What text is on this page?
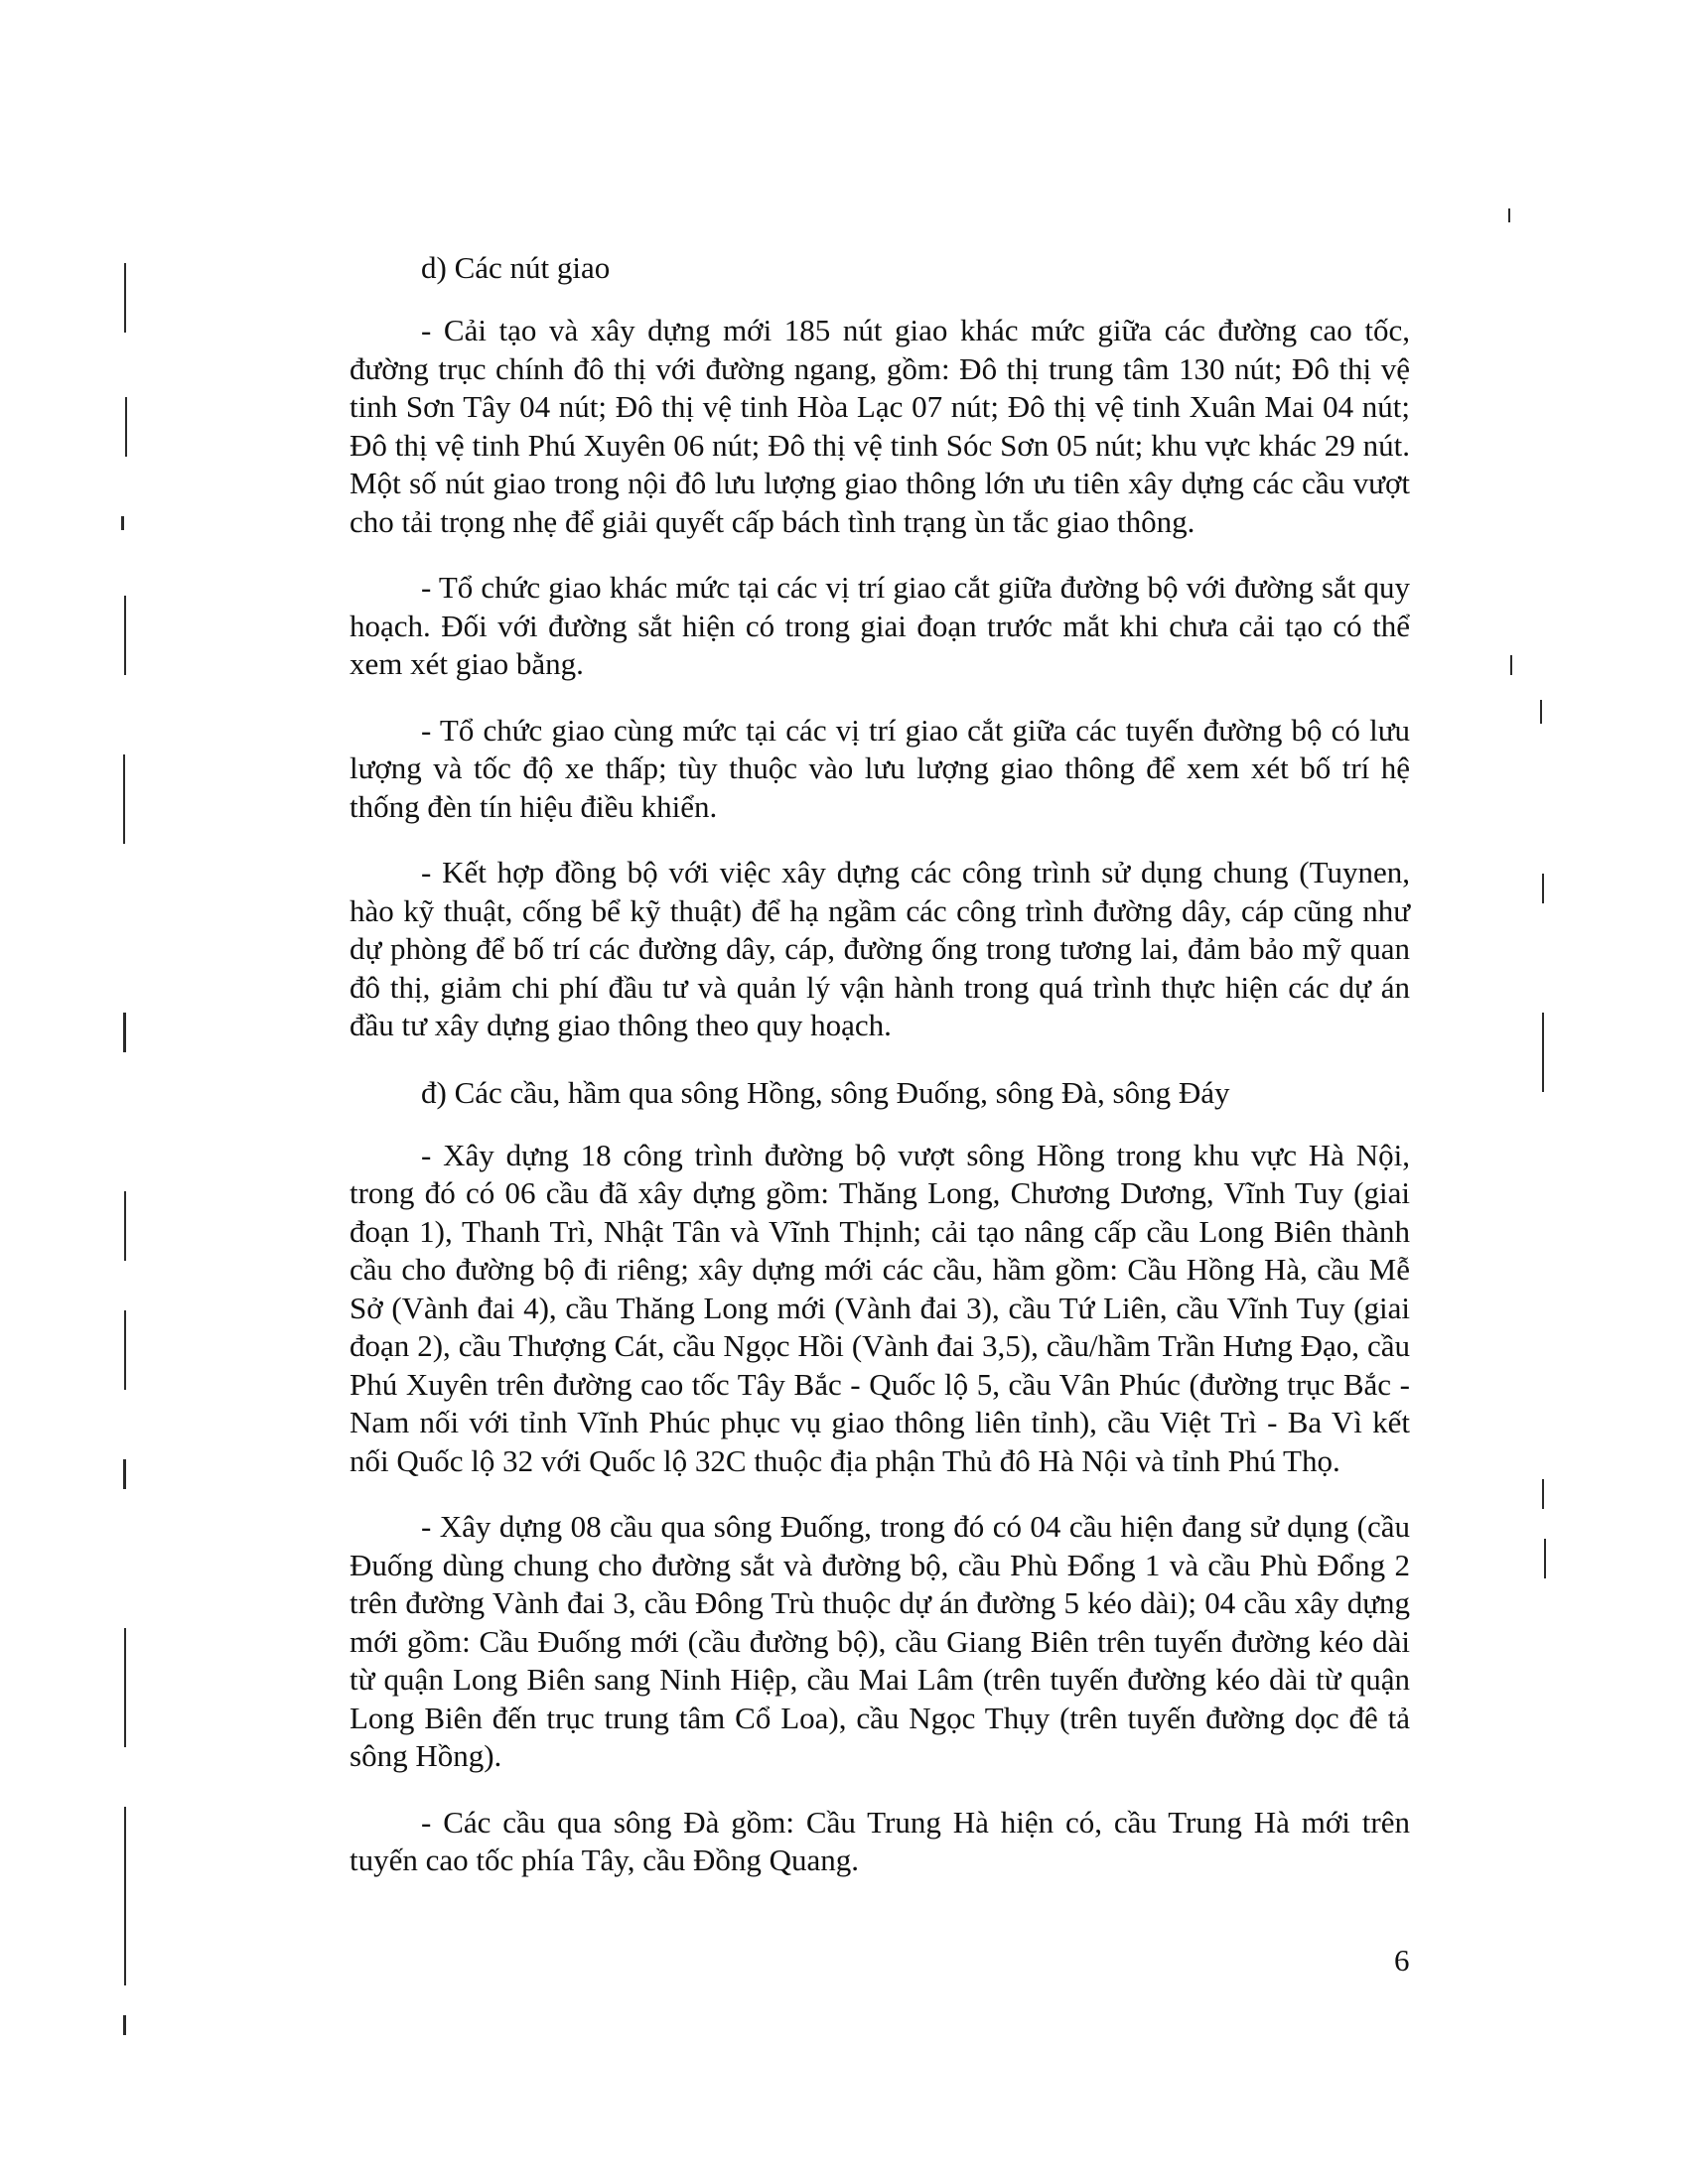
d) Các nút giao

- Cải tạo và xây dựng mới 185 nút giao khác mức giữa các đường cao tốc, đường trục chính đô thị với đường ngang, gồm: Đô thị trung tâm 130 nút; Đô thị vệ tinh Sơn Tây 04 nút; Đô thị vệ tinh Hòa Lạc 07 nút; Đô thị vệ tinh Xuân Mai 04 nút; Đô thị vệ tinh Phú Xuyên 06 nút; Đô thị vệ tinh Sóc Sơn 05 nút; khu vực khác 29 nút. Một số nút giao trong nội đô lưu lượng giao thông lớn ưu tiên xây dựng các cầu vượt cho tải trọng nhẹ để giải quyết cấp bách tình trạng ùn tắc giao thông.

- Tổ chức giao khác mức tại các vị trí giao cắt giữa đường bộ với đường sắt quy hoạch. Đối với đường sắt hiện có trong giai đoạn trước mắt khi chưa cải tạo có thể xem xét giao bằng.

- Tổ chức giao cùng mức tại các vị trí giao cắt giữa các tuyến đường bộ có lưu lượng và tốc độ xe thấp; tùy thuộc vào lưu lượng giao thông để xem xét bố trí hệ thống đèn tín hiệu điều khiển.

- Kết hợp đồng bộ với việc xây dựng các công trình sử dụng chung (Tuynen, hào kỹ thuật, cống bể kỹ thuật) để hạ ngầm các công trình đường dây, cáp cũng như dự phòng để bố trí các đường dây, cáp, đường ống trong tương lai, đảm bảo mỹ quan đô thị, giảm chi phí đầu tư và quản lý vận hành trong quá trình thực hiện các dự án đầu tư xây dựng giao thông theo quy hoạch.

đ) Các cầu, hầm qua sông Hồng, sông Đuống, sông Đà, sông Đáy

- Xây dựng 18 công trình đường bộ vượt sông Hồng trong khu vực Hà Nội, trong đó có 06 cầu đã xây dựng gồm: Thăng Long, Chương Dương, Vĩnh Tuy (giai đoạn 1), Thanh Trì, Nhật Tân và Vĩnh Thịnh; cải tạo nâng cấp cầu Long Biên thành cầu cho đường bộ đi riêng; xây dựng mới các cầu, hầm gồm: Cầu Hồng Hà, cầu Mễ Sở (Vành đai 4), cầu Thăng Long mới (Vành đai 3), cầu Tứ Liên, cầu Vĩnh Tuy (giai đoạn 2), cầu Thượng Cát, cầu Ngọc Hồi (Vành đai 3,5), cầu/hầm Trần Hưng Đạo, cầu Phú Xuyên trên đường cao tốc Tây Bắc - Quốc lộ 5, cầu Vân Phúc (đường trục Bắc - Nam nối với tỉnh Vĩnh Phúc phục vụ giao thông liên tỉnh), cầu Việt Trì - Ba Vì kết nối Quốc lộ 32 với Quốc lộ 32C thuộc địa phận Thủ đô Hà Nội và tỉnh Phú Thọ.

- Xây dựng 08 cầu qua sông Đuống, trong đó có 04 cầu hiện đang sử dụng (cầu Đuống dùng chung cho đường sắt và đường bộ, cầu Phù Đổng 1 và cầu Phù Đổng 2 trên đường Vành đai 3, cầu Đông Trù thuộc dự án đường 5 kéo dài); 04 cầu xây dựng mới gồm: Cầu Đuống mới (cầu đường bộ), cầu Giang Biên trên tuyến đường kéo dài từ quận Long Biên sang Ninh Hiệp, cầu Mai Lâm (trên tuyến đường kéo dài từ quận Long Biên đến trục trung tâm Cổ Loa), cầu Ngọc Thụy (trên tuyến đường dọc đê tả sông Hồng).

- Các cầu qua sông Đà gồm: Cầu Trung Hà hiện có, cầu Trung Hà mới trên tuyến cao tốc phía Tây, cầu Đồng Quang.

6
